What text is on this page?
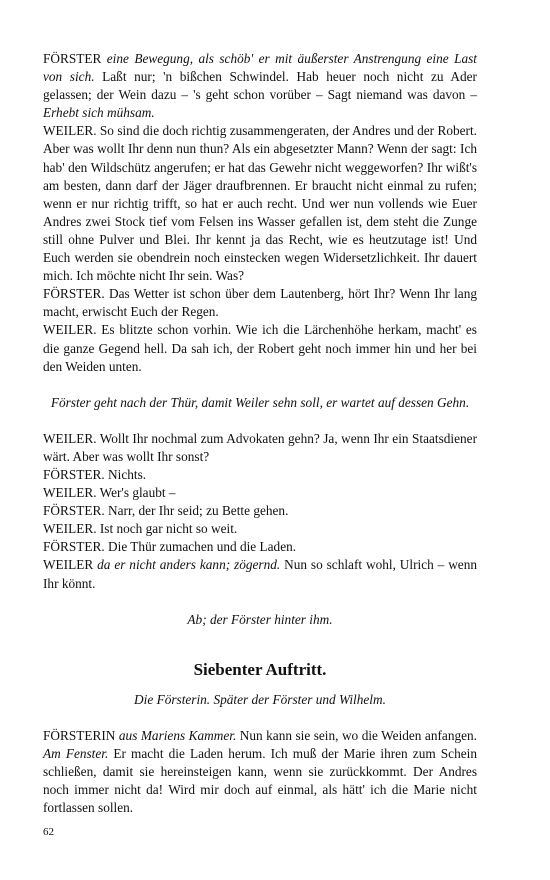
FÖRSTER eine Bewegung, als schöb' er mit äußerster Anstrengung eine Last von sich. Laßt nur; 'n bißchen Schwindel. Hab heuer noch nicht zu Ader gelassen; der Wein dazu – 's geht schon vorüber – Sagt niemand was davon – Erhebt sich mühsam.

WEILER. So sind die doch richtig zusammengeraten, der Andres und der Robert. Aber was wollt Ihr denn nun thun? Als ein abgesetzter Mann? Wenn der sagt: Ich hab' den Wildschütz angerufen; er hat das Gewehr nicht weggeworfen? Ihr wißt's am besten, dann darf der Jäger draufbrennen. Er braucht nicht einmal zu rufen; wenn er nur richtig trifft, so hat er auch recht. Und wer nun vollends wie Euer Andres zwei Stock tief vom Felsen ins Wasser gefallen ist, dem steht die Zunge still ohne Pulver und Blei. Ihr kennt ja das Recht, wie es heutzutage ist! Und Euch werden sie obendrein noch einstecken wegen Widersetzlichkeit. Ihr dauert mich. Ich möchte nicht Ihr sein. Was?

FÖRSTER. Das Wetter ist schon über dem Lautenberg, hört Ihr? Wenn Ihr lang macht, erwischt Euch der Regen.

WEILER. Es blitzte schon vorhin. Wie ich die Lärchenhöhe herkam, macht' es die ganze Gegend hell. Da sah ich, der Robert geht noch immer hin und her bei den Weiden unten.

Förster geht nach der Thür, damit Weiler sehn soll, er wartet auf dessen Gehn.

WEILER. Wollt Ihr nochmal zum Advokaten gehn? Ja, wenn Ihr ein Staatsdiener wärt. Aber was wollt Ihr sonst?

FÖRSTER. Nichts.

WEILER. Wer's glaubt –

FÖRSTER. Narr, der Ihr seid; zu Bette gehen.

WEILER. Ist noch gar nicht so weit.

FÖRSTER. Die Thür zumachen und die Laden.

WEILER da er nicht anders kann; zögernd. Nun so schlaft wohl, Ulrich – wenn Ihr könnt.

Ab; der Förster hinter ihm.

Siebenter Auftritt.

Die Försterin. Später der Förster und Wilhelm.

FÖRSTERIN aus Mariens Kammer. Nun kann sie sein, wo die Weiden anfangen. Am Fenster. Er macht die Laden herum. Ich muß der Marie ihren zum Schein schließen, damit sie hereinsteigen kann, wenn sie zurückkommt. Der Andres noch immer nicht da! Wird mir doch auf einmal, als hätt' ich die Marie nicht fortlassen sollen.

62
